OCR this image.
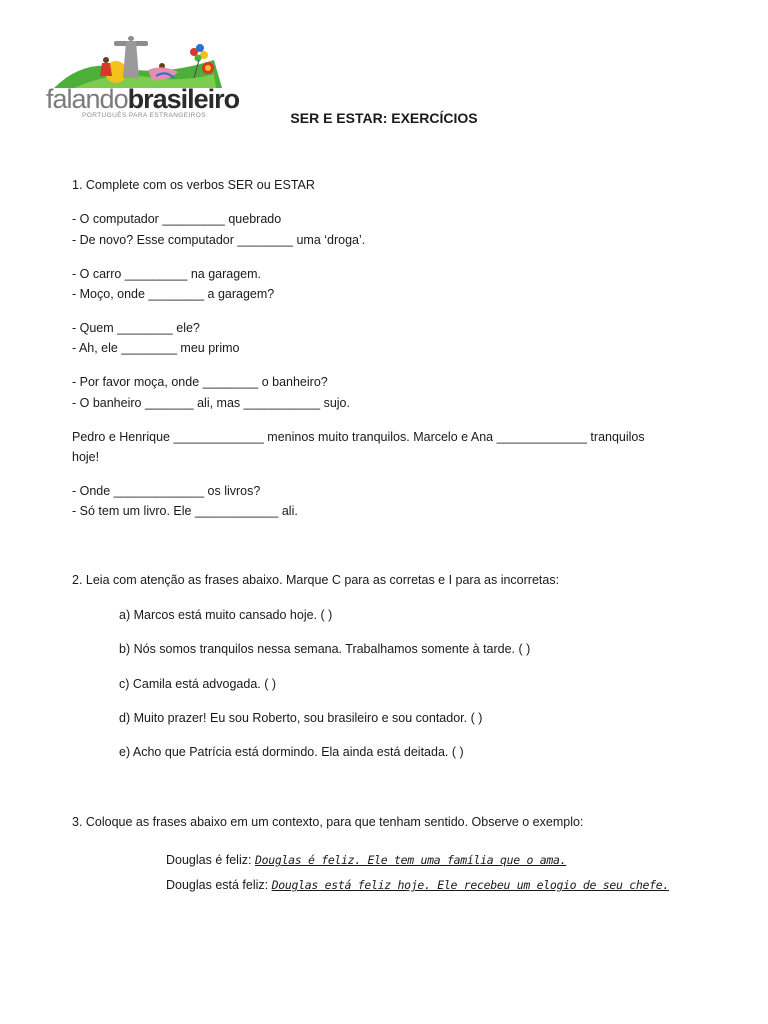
falandobrasileiro
PORTUGUÊS PARA ESTRANGEIROS	SER E ESTAR: EXERCÍCIOS
1. Complete com os verbos SER ou ESTAR
- O computador _________ quebrado
- De novo? Esse computador ________ uma ‘droga’.
- O carro _________ na garagem.
- Moço, onde ________ a garagem?
- Quem ________ ele?
- Ah, ele ________ meu primo
- Por favor moça, onde ________ o banheiro?
- O banheiro _______ ali, mas ___________ sujo.
Pedro e Henrique _____________ meninos muito tranquilos. Marcelo e Ana _____________ tranquilos
hoje!
- Onde _____________ os livros?
- Só tem um livro. Ele ____________ ali.
2. Leia com atenção as frases abaixo. Marque C para as corretas e I para as incorretas:
a) Marcos está muito cansado hoje. ( )
b) Nós somos tranquilos nessa semana. Trabalhamos somente à tarde. ( )
c) Camila está advogada. ( )
d) Muito prazer! Eu sou Roberto, sou brasileiro e sou contador. ( )
e) Acho que Patrícia está dormindo. Ela ainda está deitada. ( )
3. Coloque as frases abaixo em um contexto, para que tenham sentido. Observe o exemplo:
Douglas é feliz: Douglas é feliz. Ele tem uma família que o ama.
Douglas está feliz: Douglas está feliz hoje. Ele recebeu um elogio de seu chefe.
